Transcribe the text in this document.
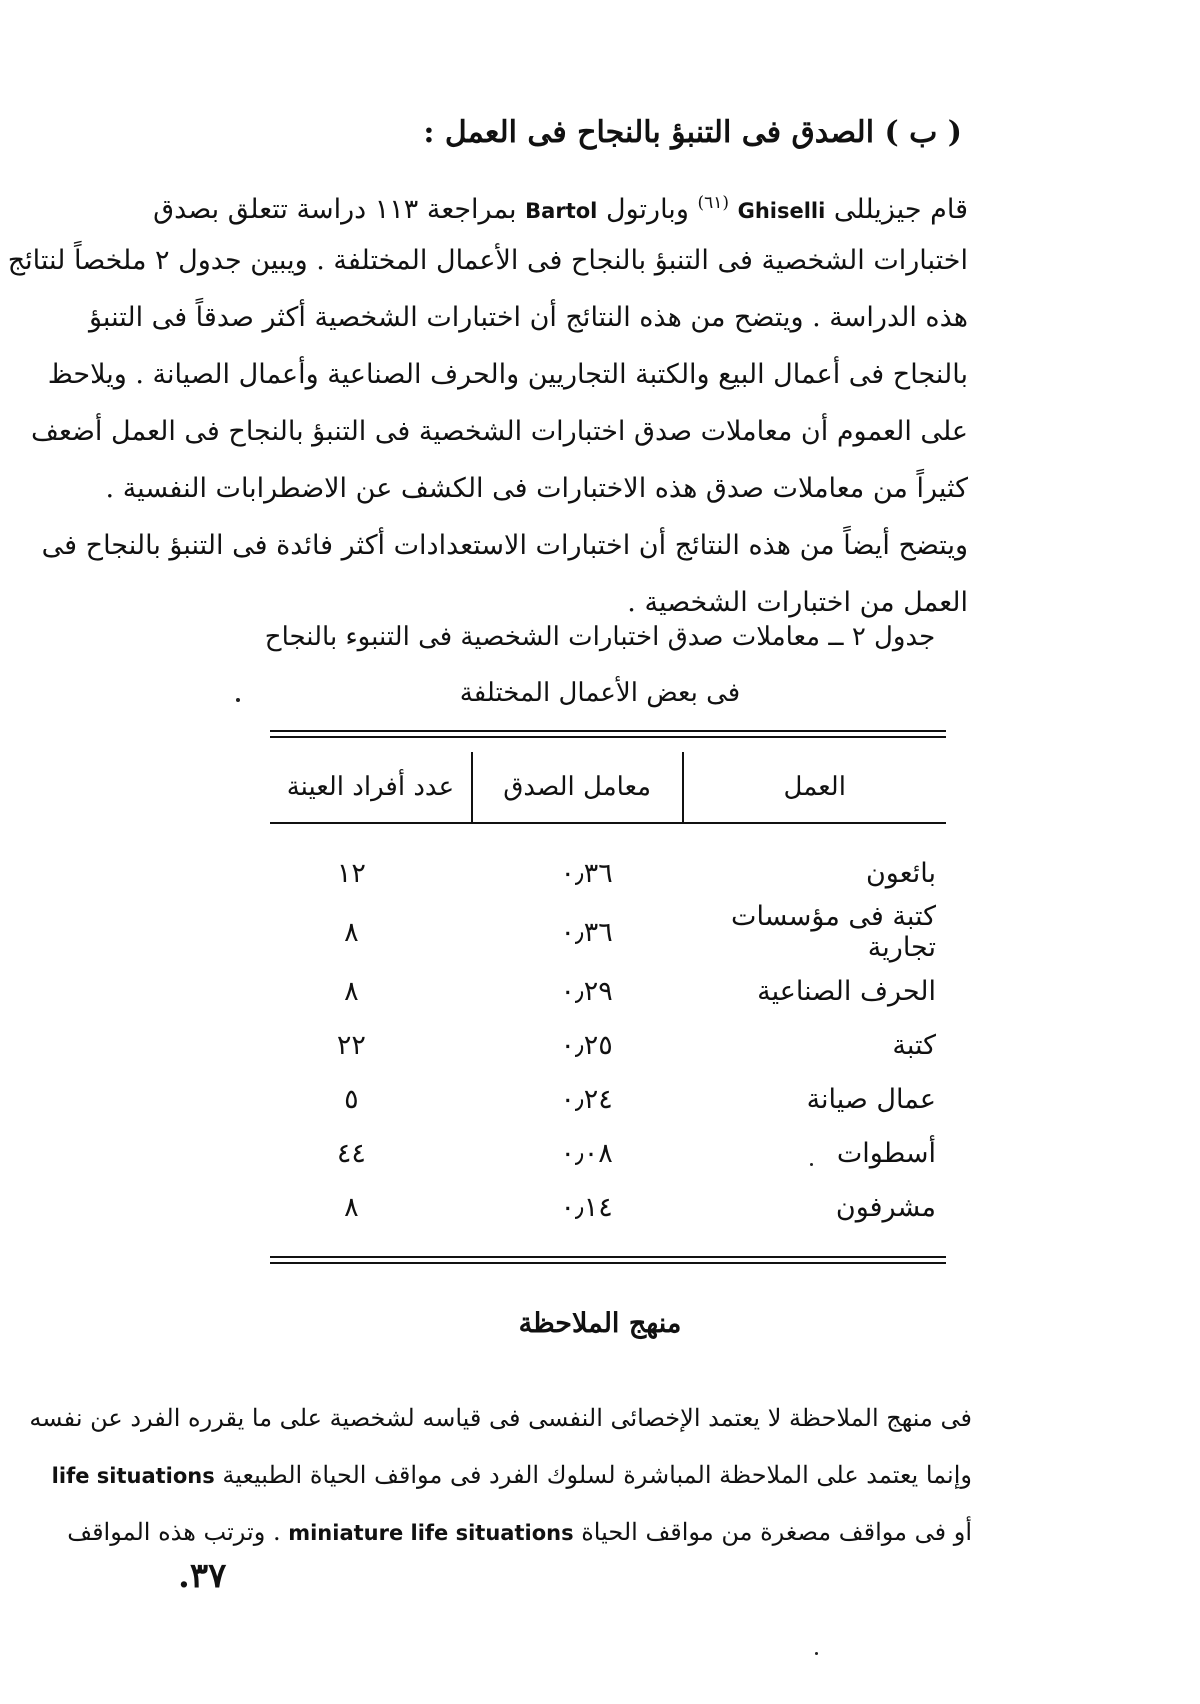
( ب ) الصدق فى التنبؤ بالنجاح فى العمل :
قام جيزيللى Ghiselli $^{(٦١)}$ وبارتول Bartol بمراجعة ١١٣ دراسة تتعلق بصدق
اختبارات الشخصية فى التنبؤ بالنجاح فى الأعمال المختلفة . ويبين جدول ٢ ملخصاً لنتائج
هذه الدراسة . ويتضح من هذه النتائج أن اختبارات الشخصية أكثر صدقاً فى التنبؤ
بالنجاح فى أعمال البيع والكتبة التجاريين والحرف الصناعية وأعمال الصيانة . ويلاحظ
على العموم أن معاملات صدق اختبارات الشخصية فى التنبؤ بالنجاح فى العمل أضعف
كثيراً من معاملات صدق هذه الاختبارات فى الكشف عن الاضطرابات النفسية .
ويتضح أيضاً من هذه النتائج أن اختبارات الاستعدادات أكثر فائدة فى التنبؤ بالنجاح فى
العمل من اختبارات الشخصية .
جدول ٢ ــ معاملات صدق اختبارات الشخصية فى التنبوء بالنجاح
فى بعض الأعمال المختلفة
العمل	معامل الصدق	عدد أفراد العينة

بائعون	٠٫٣٦	١٢
كتبة فى مؤسسات تجارية	٠٫٣٦	٨
الحرف الصناعية	٠٫٢٩	٨
كتبة	٠٫٢٥	٢٢
عمال صيانة	٠٫٢٤	٥
أسطوات	٠٫٠٨	٤٤
مشرفون	٠٫١٤	٨
منهج الملاحظة
فى منهج الملاحظة لا يعتمد الإخصائى النفسى فى قياسه لشخصية على ما يقرره الفرد عن نفسه
وإنما يعتمد على الملاحظة المباشرة لسلوك الفرد فى مواقف الحياة الطبيعية life situations
أو فى مواقف مصغرة من مواقف الحياة miniature life situations . وترتب هذه المواقف
٣٧.
